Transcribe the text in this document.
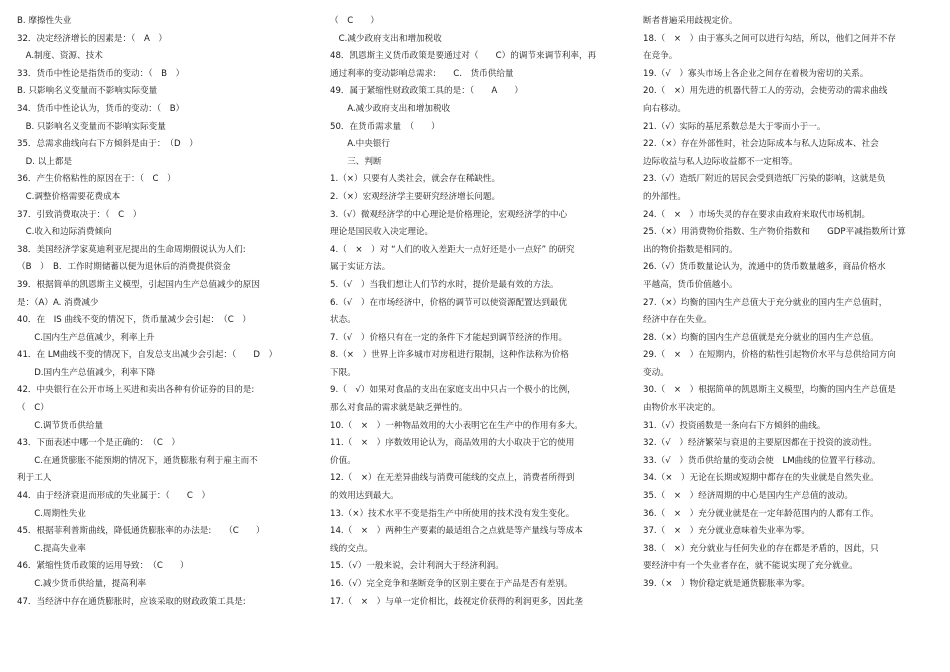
B. 摩擦性失业
32．决定经济增长的因素是：（　A　）
　A.制度、资源、技术
33．货币中性论是指货币的变动：（　B　）
B. 只影响名义变量而不影响实际变量
34．货币中性论认为，货币的变动：（　B）
　B. 只影响名义变量而不影响实际变量
35．总需求曲线向右下方倾斜是由于：　（D　）
　D. 以上都是
36．产生价格粘性的原因在于：（　C　）
　C.调整价格需要花费成本
37．引致消费取决于：（　C　）
　C.收入和边际消费倾向
38．美国经济学家莫迪利亚尼提出的生命周期假说认为人们:
（B　）　B．工作时期储蓄以便为退休后的消费提供资金
39．根据简单的凯恩斯主义模型，引起国内生产总值减少的原因
是：（A）A. 消费减少
40．在　IS 曲线不变的情况下，货币量减少会引起：　（C　）
　　C.国内生产总值减少，利率上升
41．在 LM曲线不变的情况下，自发总支出减少会引起：（　　D　）
　　D.国内生产总值减少，利率下降
42．中央银行在公开市场上买进和卖出各种有价证券的目的是:
（　C）
　　C.调节货币供给量
43．下面表述中哪一个是正确的：　（C　）
　　C.在通货膨胀不能预期的情况下，通货膨胀有利于雇主而不
利于工人
44．由于经济衰退而形成的失业属于：（　　C　）
　　C.周期性失业
45．根据菲利普斯曲线，降低通货膨胀率的办法是:　　（C　　）
　　C.提高失业率
46．紧缩性货币政策的运用导致：　（C　　）
　　C.减少货币供给量，提高利率
47．当经济中存在通货膨胀时，应该采取的财政政策工具是:
（　C　　）
　C.减少政府支出和增加税收
48．凯恩斯主义货币政策是要通过对（　　C）的调节来调节利率，再
通过利率的变动影响总需求:　　C.　货币供给量
49．属于紧缩性财政政策工具的是：（　　A　　）
　　A.减少政府支出和增加税收
50．在货币需求量　（　　）
　　A.中央银行
　　三、判断
1.（×）只要有人类社会，就会存在稀缺性。
2.（×）宏观经济学主要研究经济增长问题。
3.（√）微观经济学的中心理论是价格理论，宏观经济学的中心
理论是国民收入决定理论。
4.（　×　）对 “人们的收入差距大一点好还是小一点好” 的研究
属于实证方法。
5.（√　）当我们想让人们节约水时，提价是最有效的方法。
6.（√　）在市场经济中，价格的调节可以使资源配置达到最优
状态。
7.（√　）价格只有在一定的条件下才能起到调节经济的作用。
8.（×　）世界上许多城市对房租进行限制，这种作法称为价格
下限。
9.（　√）如果对食品的支出在家庭支出中只占一个极小的比例，
那么对食品的需求就是缺乏弹性的。
10.（　×　）一种物品效用的大小表明它在生产中的作用有多大。
11.（　×　）序数效用论认为，商品效用的大小取决于它的使用
价值。
12.（　×）在无差异曲线与消费可能线的交点上，消费者所得到
的效用达到最大。
13.（×）技术水平不变是指生产中所使用的技术没有发生变化。
14.（　×　）两种生产要素的最适组合之点就是等产量线与等成本
线的交点。
15.（√）一般来说，会计利润大于经济利润。
16.（√）完全竞争和垄断竞争的区别主要在于产品是否有差别。
17.（　×　）与单一定价相比，歧视定价获得的利润更多，因此垄
断者普遍采用歧视定价。
18.（　×　）由于寡头之间可以进行勾结，所以，他们之间并不存
在竞争。
19.（√　）寡头市场上各企业之间存在着极为密切的关系。
20.（　×）用先进的机器代替工人的劳动，会使劳动的需求曲线
向右移动。
21.（√）实际的基尼系数总是大于零而小于一。
22.（×）存在外部性时，社会边际成本与私人边际成本、社会
边际收益与私人边际收益都不一定相等。
23.（√）造纸厂附近的居民会受到造纸厂污染的影响，这就是负
的外部性。
24.（　×　）市场失灵的存在要求由政府来取代市场机制。
25.（×）用消费物价指数、生产物价指数和　　GDP平减指数所计算
出的物价指数是相同的。
26.（√）货币数量论认为，流通中的货币数量越多，商品价格水
平越高，货币价值越小。
27.（×）均衡的国内生产总值大于充分就业的国内生产总值时，
经济中存在失业。
28.（×）均衡的国内生产总值就是充分就业的国内生产总值。
29.（　×　）在短期内，价格的粘性引起物价水平与总供给同方向
变动。
30.（　×　）根据简单的凯恩斯主义模型，均衡的国内生产总值是
由物价水平决定的。
31.（√）投资函数是一条向右下方倾斜的曲线。
32.（√　）经济繁荣与衰退的主要原因都在于投资的波动性。
33.（√　）货币供给量的变动会使　LM曲线的位置平行移动。
34.（×　）无论在长期或短期中都存在的失业就是自然失业。
35.（　×　）经济周期的中心是国内生产总值的波动。
36.（　×　）充分就业就是在一定年龄范围内的人都有工作。
37.（　×　）充分就业意味着失业率为零。
38.（　×）充分就业与任何失业的存在都是矛盾的，因此，只
要经济中有一个失业者存在，就不能说实现了充分就业。
39.（×　）物价稳定就是通货膨胀率为零。
